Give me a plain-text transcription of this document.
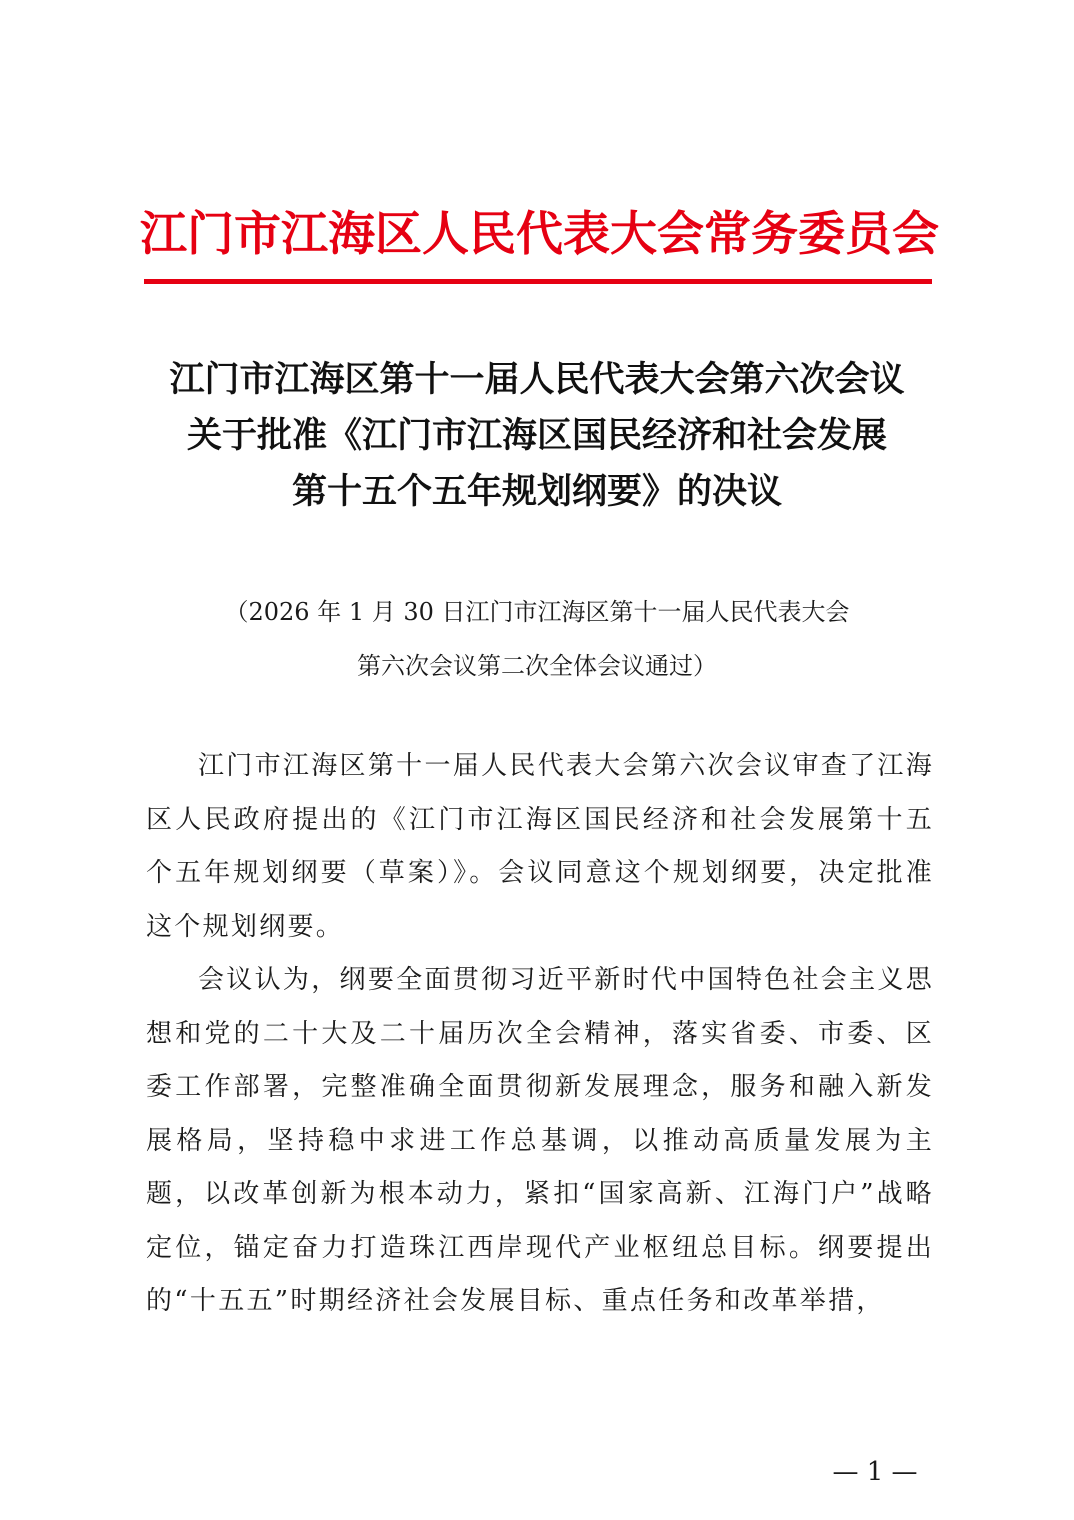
江门市江海区人民代表大会常务委员会
江门市江海区第十一届人民代表大会第六次会议
关于批准《江门市江海区国民经济和社会发展
第十五个五年规划纲要》的决议
（2026 年 1 月 30 日江门市江海区第十一届人民代表大会
第六次会议第二次全体会议通过）

江门市江海区第十一届人民代表大会第六次会议审查了江海区人民政府提出的《江门市江海区国民经济和社会发展第十五个五年规划纲要（草案）》。会议同意这个规划纲要，决定批准这个规划纲要。

会议认为，纲要全面贯彻习近平新时代中国特色社会主义思想和党的二十大及二十届历次全会精神，落实省委、市委、区委工作部署，完整准确全面贯彻新发展理念，服务和融入新发展格局，坚持稳中求进工作总基调，以推动高质量发展为主题，以改革创新为根本动力，紧扣“国家高新、江海门户”战略定位，锚定奋力打造珠江西岸现代产业枢纽总目标。纲要提出的“十五五”时期经济社会发展目标、重点任务和改革举措，

— 1 —
